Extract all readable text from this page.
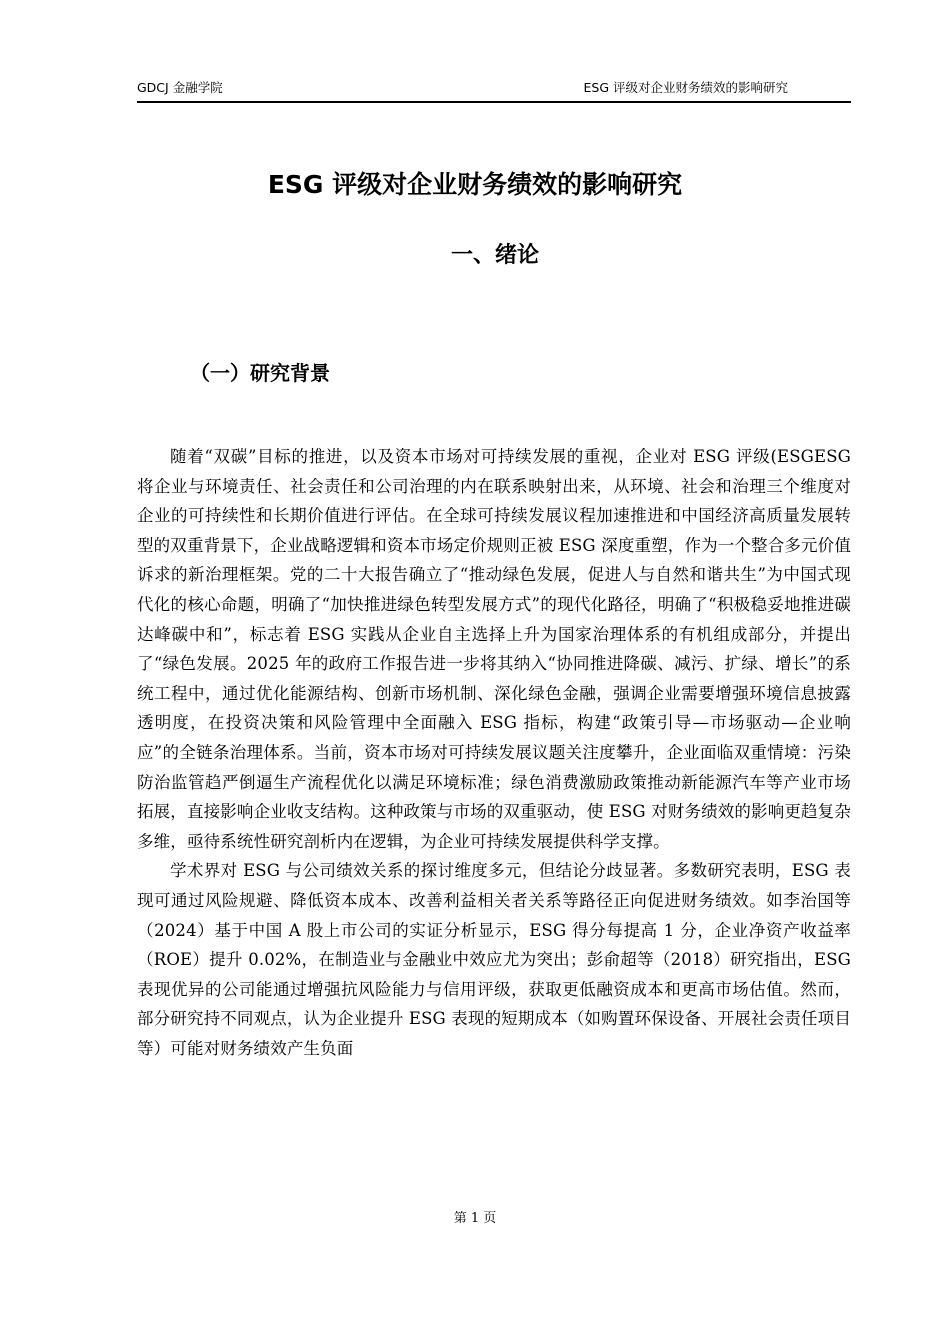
GDCJ 金融学院	ESG 评级对企业财务绩效的影响研究
ESG 评级对企业财务绩效的影响研究
一、绪论
（一）研究背景

随着“双碳”目标的推进，以及资本市场对可持续发展的重视，企业对 ESG 评级(ESGESG 将企业与环境责任、社会责任和公司治理的内在联系映射出来，从环境、社会和治理三个维度对企业的可持续性和长期价值进行评估。在全球可持续发展议程加速推进和中国经济高质量发展转型的双重背景下，企业战略逻辑和资本市场定价规则正被 ESG 深度重塑，作为一个整合多元价值诉求的新治理框架。党的二十大报告确立了“推动绿色发展，促进人与自然和谐共生”为中国式现代化的核心命题，明确了“加快推进绿色转型发展方式”的现代化路径，明确了“积极稳妥地推进碳达峰碳中和”，标志着 ESG 实践从企业自主选择上升为国家治理体系的有机组成部分，并提出了“绿色发展。2025 年的政府工作报告进一步将其纳入“协同推进降碳、减污、扩绿、增长”的系统工程中，通过优化能源结构、创新市场机制、深化绿色金融，强调企业需要增强环境信息披露透明度，在投资决策和风险管理中全面融入 ESG 指标，构建“政策引导—市场驱动—企业响应”的全链条治理体系。当前，资本市场对可持续发展议题关注度攀升，企业面临双重情境：污染防治监管趋严倒逼生产流程优化以满足环境标准；绿色消费激励政策推动新能源汽车等产业市场拓展，直接影响企业收支结构。这种政策与市场的双重驱动，使 ESG 对财务绩效的影响更趋复杂多维，亟待系统性研究剖析内在逻辑，为企业可持续发展提供科学支撑。

学术界对 ESG 与公司绩效关系的探讨维度多元，但结论分歧显著。多数研究表明，ESG 表现可通过风险规避、降低资本成本、改善利益相关者关系等路径正向促进财务绩效。如李治国等（2024）基于中国 A 股上市公司的实证分析显示，ESG 得分每提高 1 分，企业净资产收益率（ROE）提升 0.02%，在制造业与金融业中效应尤为突出；彭俞超等（2018）研究指出，ESG 表现优异的公司能通过增强抗风险能力与信用评级，获取更低融资成本和更高市场估值。然而，部分研究持不同观点，认为企业提升 ESG 表现的短期成本（如购置环保设备、开展社会责任项目等）可能对财务绩效产生负面

第 1 页
